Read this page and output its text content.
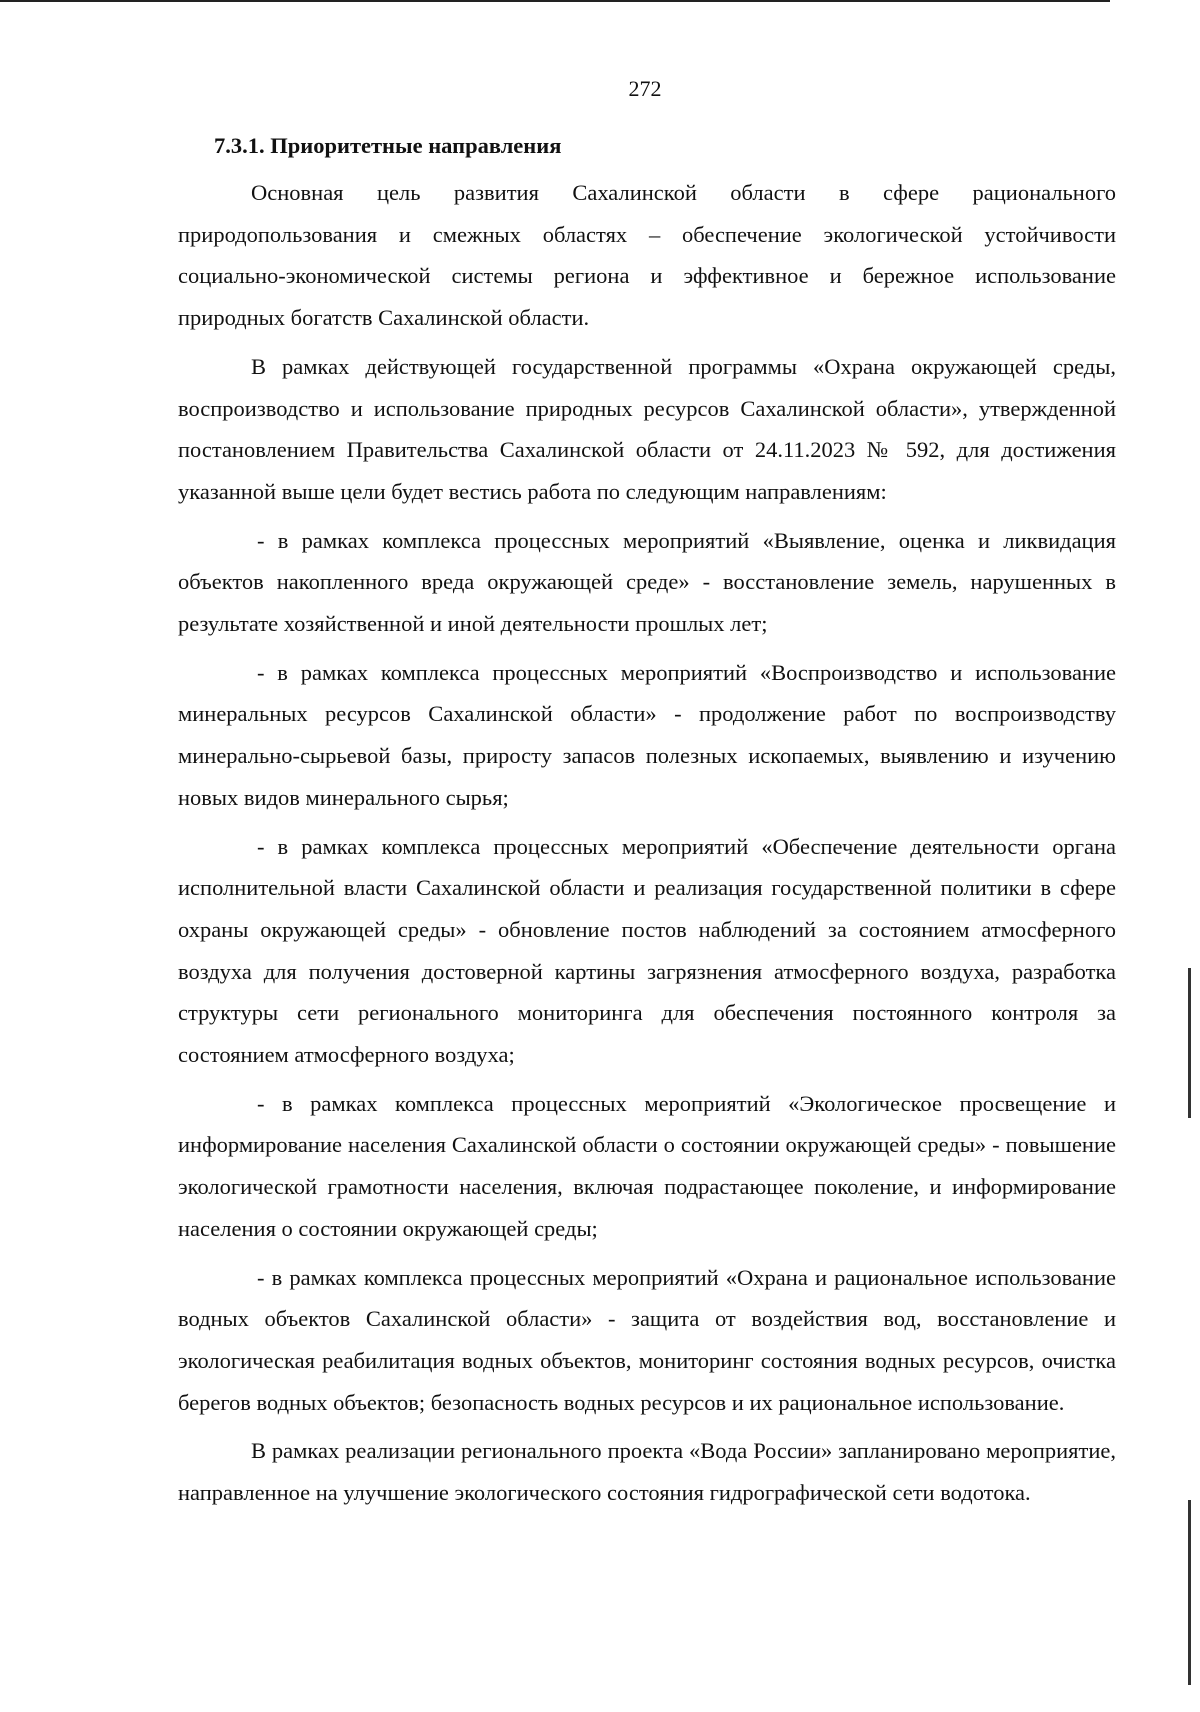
272
7.3.1. Приоритетные направления

Основная цель развития Сахалинской области в сфере рационального природопользования и смежных областях – обеспечение экологической устойчивости социально-экономической системы региона и эффективное и бережное использование природных богатств Сахалинской области.

В рамках действующей государственной программы «Охрана окружающей среды, воспроизводство и использование природных ресурсов Сахалинской области», утвержденной постановлением Правительства Сахалинской области от 24.11.2023 № 592, для достижения указанной выше цели будет вестись работа по следующим направлениям:

- в рамках комплекса процессных мероприятий «Выявление, оценка и ликвидация объектов накопленного вреда окружающей среде» - восстановление земель, нарушенных в результате хозяйственной и иной деятельности прошлых лет;

- в рамках комплекса процессных мероприятий «Воспроизводство и использование минеральных ресурсов Сахалинской области» - продолжение работ по воспроизводству минерально-сырьевой базы, приросту запасов полезных ископаемых, выявлению и изучению новых видов минерального сырья;

- в рамках комплекса процессных мероприятий «Обеспечение деятельности органа исполнительной власти Сахалинской области и реализация государственной политики в сфере охраны окружающей среды» - обновление постов наблюдений за состоянием атмосферного воздуха для получения достоверной картины загрязнения атмосферного воздуха, разработка структуры сети регионального мониторинга для обеспечения постоянного контроля за состоянием атмосферного воздуха;

- в рамках комплекса процессных мероприятий «Экологическое просвещение и информирование населения Сахалинской области о состоянии окружающей среды» - повышение экологической грамотности населения, включая подрастающее поколение, и информирование населения о состоянии окружающей среды;

- в рамках комплекса процессных мероприятий «Охрана и рациональное использование водных объектов Сахалинской области» - защита от воздействия вод, восстановление и экологическая реабилитация водных объектов, мониторинг состояния водных ресурсов, очистка берегов водных объектов; безопасность водных ресурсов и их рациональное использование.

В рамках реализации регионального проекта «Вода России» запланировано мероприятие, направленное на улучшение экологического состояния гидрографической сети водотока.
